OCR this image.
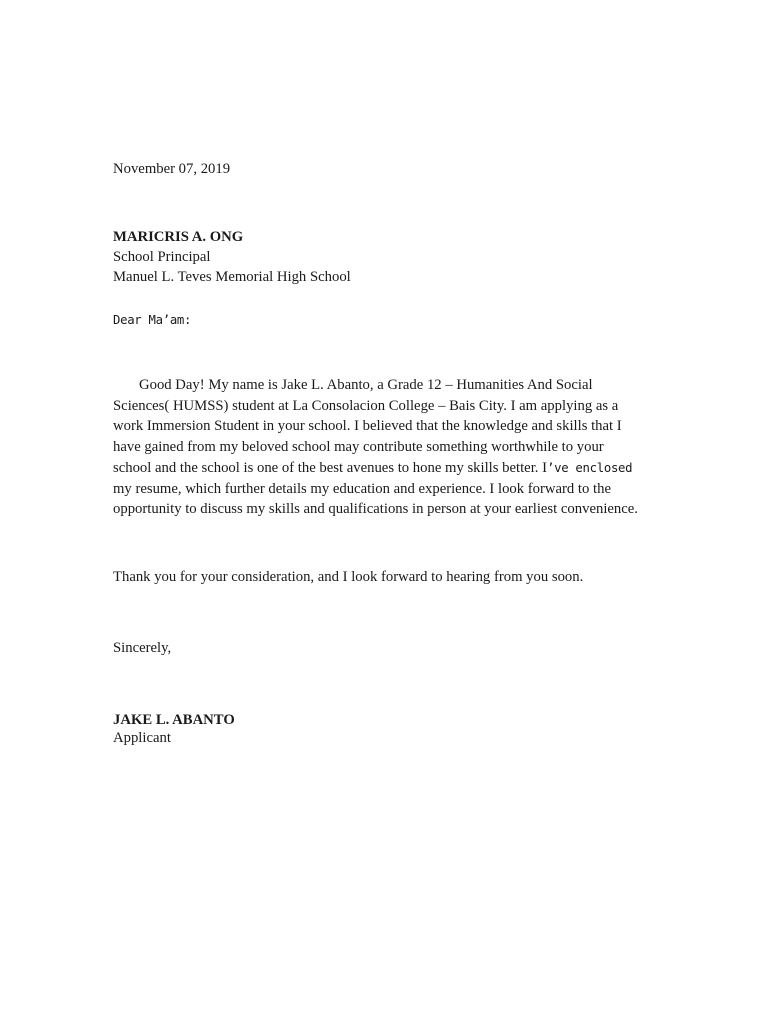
November 07, 2019

MARICRIS A. ONG
School Principal
Manuel L. Teves Memorial High School

Dear Ma’am:

Good Day! My name is Jake L. Abanto, a Grade 12 – Humanities And Social
Sciences( HUMSS) student at La Consolacion College – Bais City. I am applying as a
work Immersion Student in your school. I believed that the knowledge and skills that I
have gained from my beloved school may contribute something worthwhile to your
school and the school is one of the best avenues to hone my skills better. I’ve enclosed
my resume, which further details my education and experience. I look forward to the
opportunity to discuss my skills and qualifications in person at your earliest convenience.

Thank you for your consideration, and I look forward to hearing from you soon.

Sincerely,

JAKE L. ABANTO
Applicant
